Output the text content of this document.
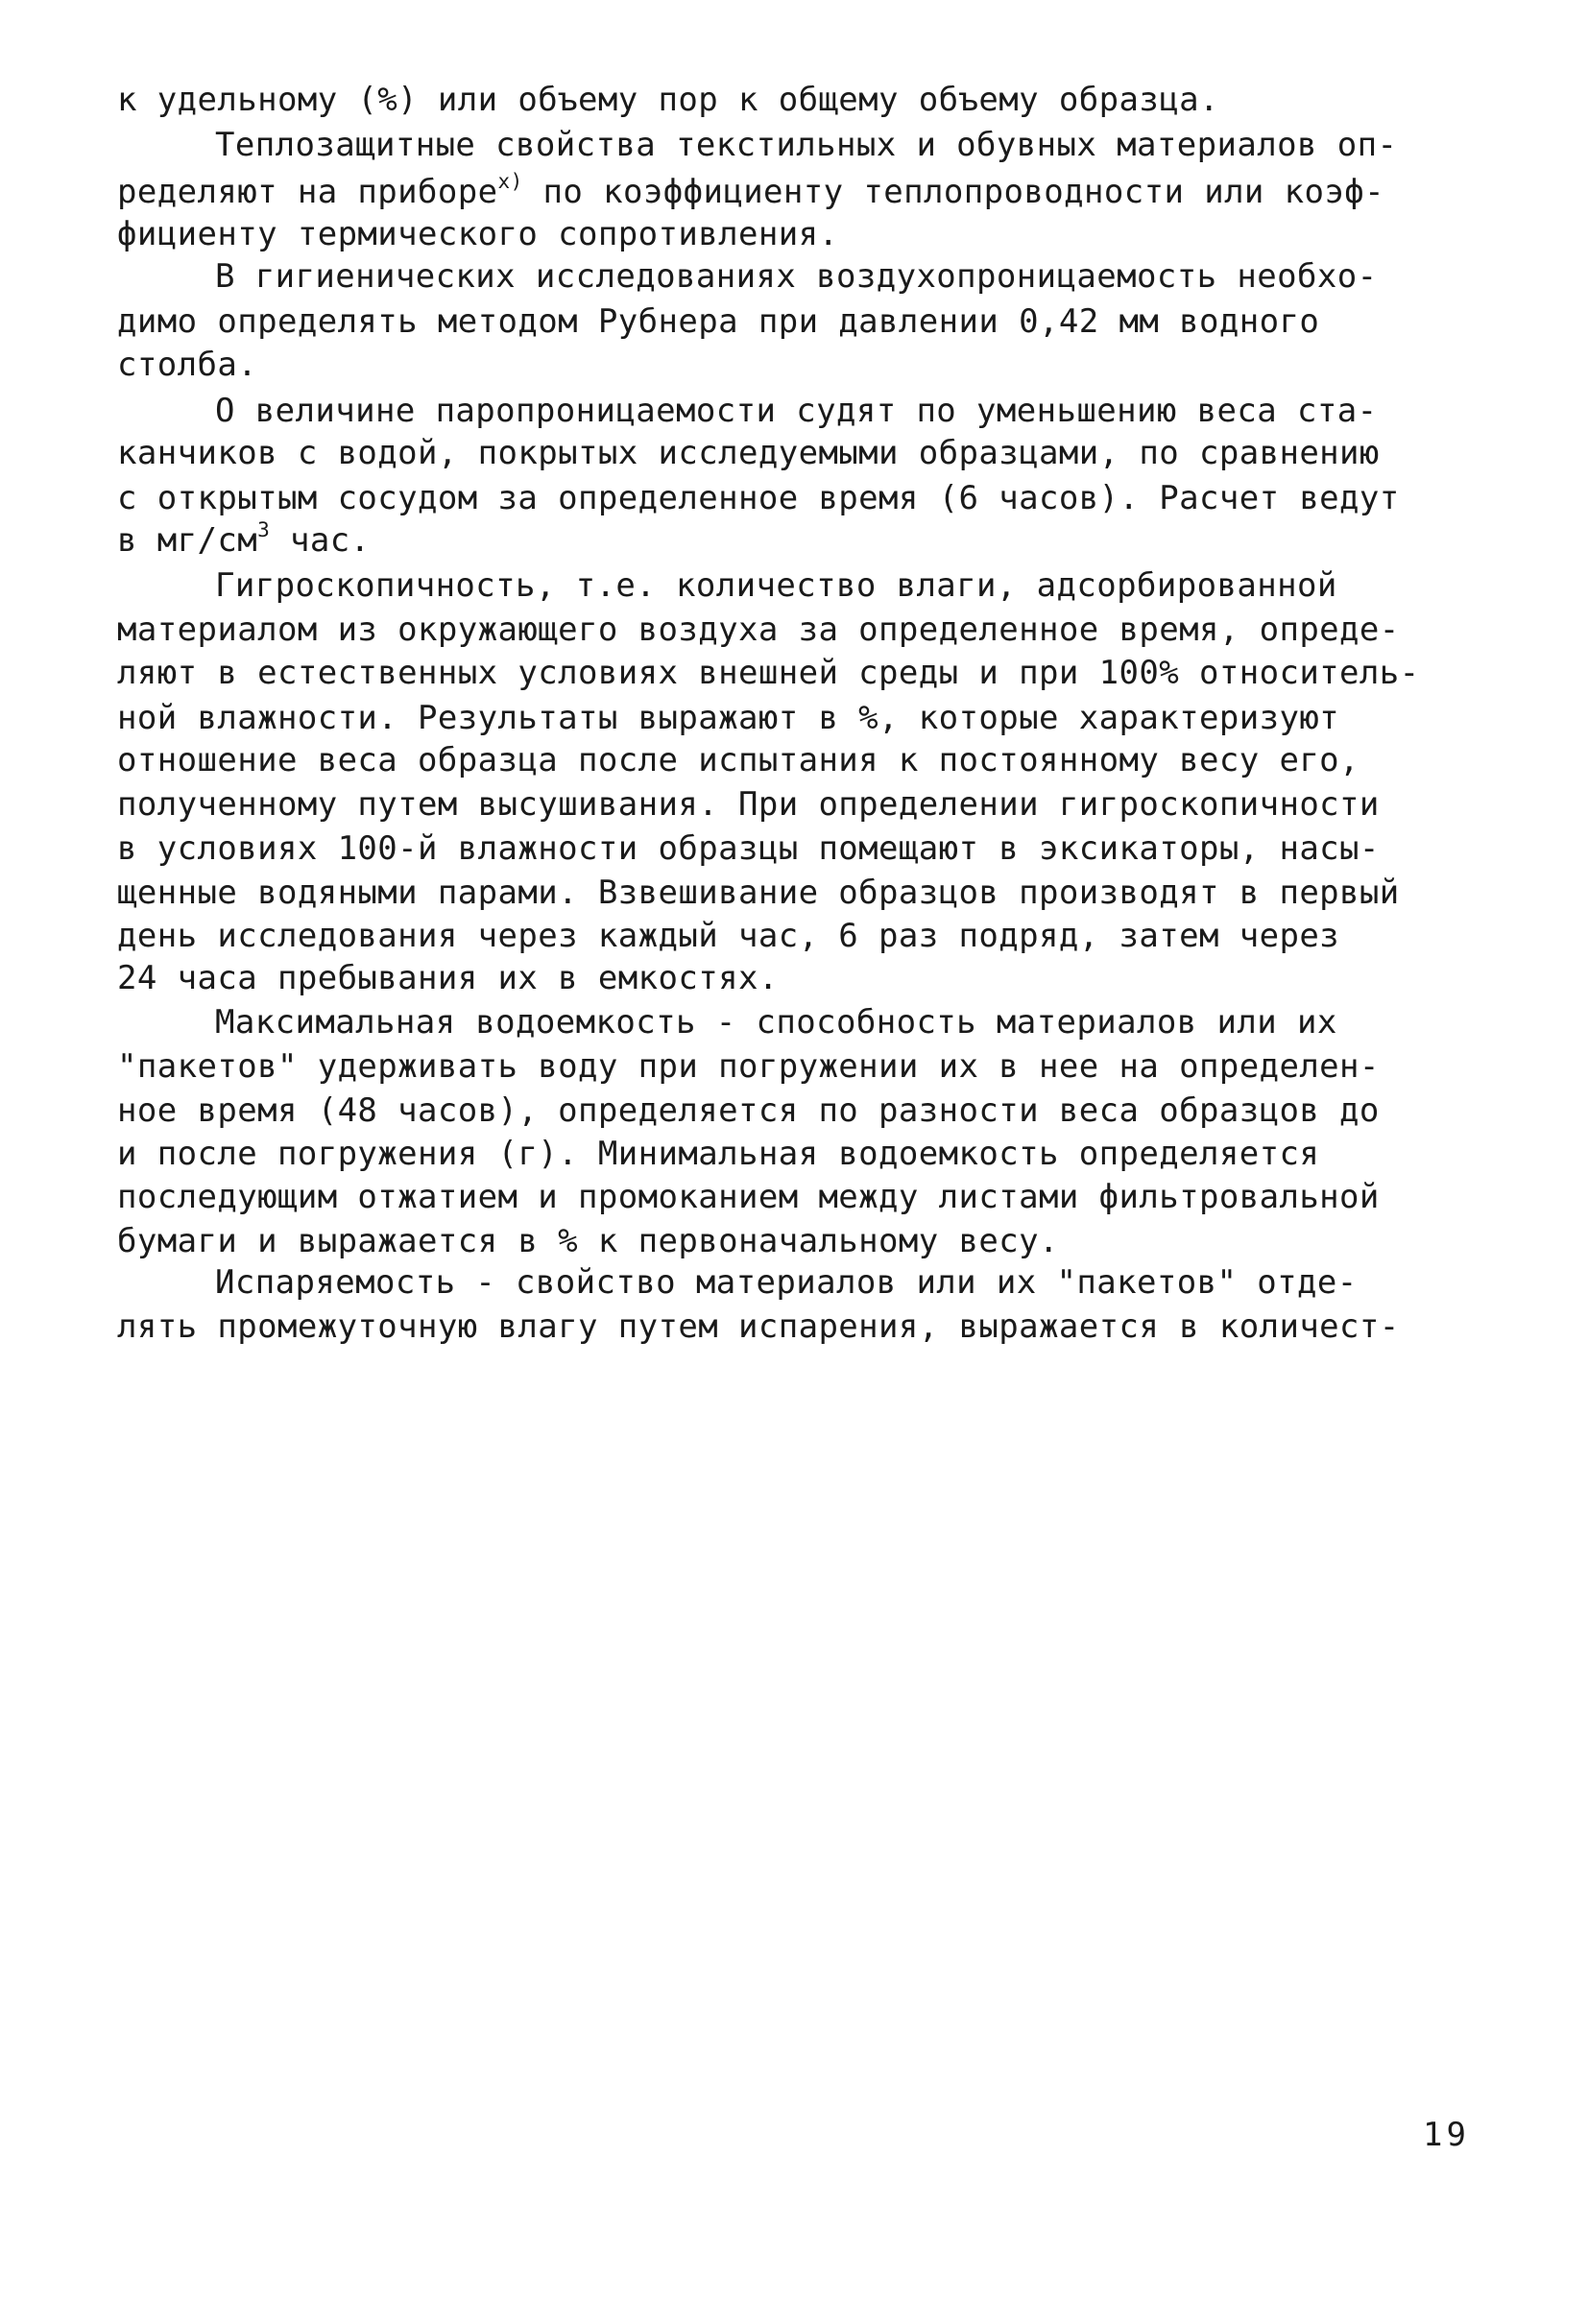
к удельному (%) или объему пор к общему объему образца.
Теплозащитные свойства текстильных и обувных материалов оп-
ределяют на приборе$^{х)}$ по коэффициенту теплопроводности или коэф-
фициенту термического сопротивления.
В гигиенических исследованиях воздухопроницаемость необхо-
димо определять методом Рубнера при давлении 0,42 мм водного
столба.
О величине паропроницаемости судят по уменьшению веса ста-
канчиков с водой, покрытых исследуемыми образцами, по сравнению
с открытым сосудом за определенное время (6 часов). Расчет ведут
в $мг/см^3$ час.
Гигроскопичность, т.е. количество влаги, адсорбированной
материалом из окружающего воздуха за определенное время, опреде-
ляют в естественных условиях внешней среды и при 100% относитель-
ной влажности. Результаты выражают в %, которые характеризуют
отношение веса образца после испытания к постоянному весу его,
полученному путем высушивания. При определении гигроскопичности
в условиях 100-й влажности образцы помещают в эксикаторы, насы-
щенные водяными парами. Взвешивание образцов производят в первый
день исследования через каждый час, 6 раз подряд, затем через
24 часа пребывания их в емкостях.
Максимальная водоемкость - способность материалов или их
"пакетов" удерживать воду при погружении их в нее на определен-
ное время (48 часов), определяется по разности веса образцов до
и после погружения (г). Минимальная водоемкость определяется
последующим отжатием и промоканием между листами фильтровальной
бумаги и выражается в % к первоначальному весу.
Испаряемость - свойство материалов или их "пакетов" отде-
лять промежуточную влагу путем испарения, выражается в количест-
19
